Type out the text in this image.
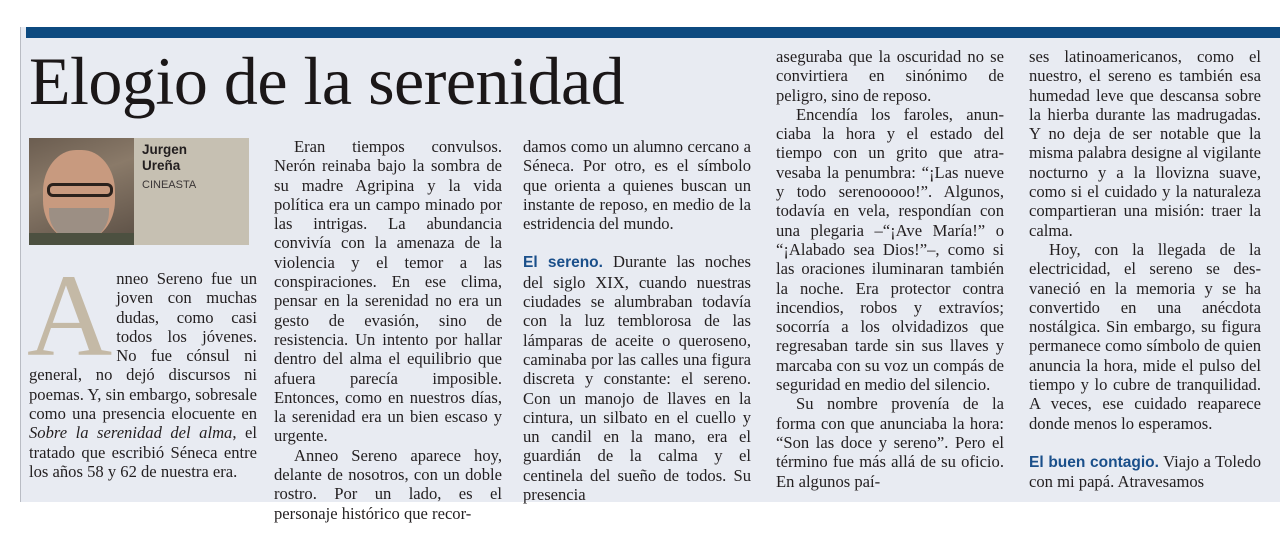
Elogio de la serenidad
Jurgen
Ureña
CINEASTA

Anneo Sereno fue un joven con muchas dudas, como casi todos los jóvenes. No fue cónsul ni general, no dejó discursos ni poemas. Y, sin embargo, sobresale como una presencia elocuente en Sobre la serenidad del alma, el tratado que escribió Séneca entre los años 58 y 62 de nuestra era.

Eran tiempos convulsos. Nerón reinaba bajo la sombra de su madre Agripina y la vida política era un campo minado por las intrigas. La abundancia convivía con la amenaza de la violencia y el temor a las conspiraciones. En ese clima, pensar en la serenidad no era un gesto de evasión, sino de resistencia. Un intento por hallar dentro del alma el equilibrio que afuera parecía imposible. Entonces, como en nuestros días, la serenidad era un bien escaso y urgente.

Anneo Sereno aparece hoy, delante de nosotros, con un doble rostro. Por un lado, es el personaje histórico que recor-

damos como un alumno cercano a Séneca. Por otro, es el símbolo que orienta a quienes buscan un instante de reposo, en medio de la estridencia del mundo.

El sereno. Durante las noches del siglo XIX, cuando nuestras ciudades se alumbraban todavía con la luz temblorosa de las lámparas de aceite o queroseno, caminaba por las calles una figura discreta y constante: el sereno. Con un manojo de llaves en la cintura, un silbato en el cuello y un candil en la mano, era el guardián de la calma y el centinela del sueño de todos. Su presencia

aseguraba que la oscuridad no se convirtiera en sinónimo de peligro, sino de reposo.

Encendía los faroles, anunciaba la hora y el estado del tiempo con un grito que atravesaba la penumbra: “¡Las nueve y todo serenooooo!”. Algunos, todavía en vela, respondían con una plegaria –“¡Ave María!” o “¡Alabado sea Dios!”–, como si las oraciones iluminaran también la noche. Era protector contra incendios, robos y extravíos; socorría a los olvidadizos que regresaban tarde sin sus llaves y marcaba con su voz un compás de seguridad en medio del silencio.

Su nombre provenía de la forma con que anunciaba la hora: “Son las doce y sereno”. Pero el término fue más allá de su oficio. En algunos paí-

ses latinoamericanos, como el nuestro, el sereno es también esa humedad leve que descansa sobre la hierba durante las madrugadas. Y no deja de ser notable que la misma palabra designe al vigilante nocturno y a la llovizna suave, como si el cuidado y la naturaleza compartieran una misión: traer la calma.

Hoy, con la llegada de la electricidad, el sereno se desvaneció en la memoria y se ha convertido en una anécdota nostálgica. Sin embargo, su figura permanece como símbolo de quien anuncia la hora, mide el pulso del tiempo y lo cubre de tranquilidad. A veces, ese cuidado reaparece donde menos lo esperamos.

El buen contagio. Viajo a Toledo con mi papá. Atravesamos
